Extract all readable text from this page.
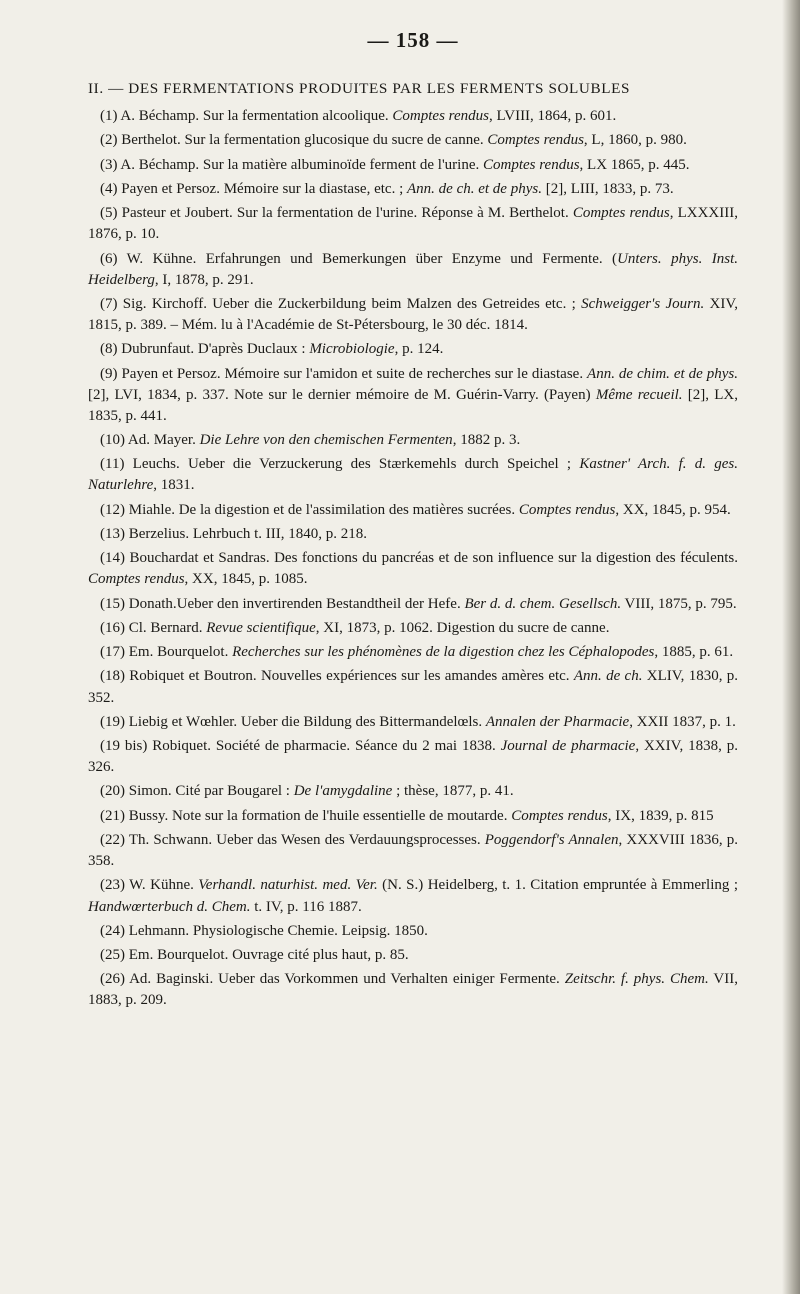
— 158 —
II. — DES FERMENTATIONS PRODUITES PAR LES FERMENTS SOLUBLES
(1) A. Béchamp. Sur la fermentation alcoolique. Comptes rendus, LVIII, 1864, p. 601.
(2) Berthelot. Sur la fermentation glucosique du sucre de canne. Comptes rendus, L, 1860, p. 980.
(3) A. Béchamp. Sur la matière albuminoïde ferment de l'urine. Comptes rendus, LX 1865, p. 445.
(4) Payen et Persoz. Mémoire sur la diastase, etc. ; Ann. de ch. et de phys. [2], LIII, 1833, p. 73.
(5) Pasteur et Joubert. Sur la fermentation de l'urine. Réponse à M. Berthelot. Comptes rendus, LXXXIII, 1876, p. 10.
(6) W. Kühne. Erfahrungen und Bemerkungen über Enzyme und Fermente. (Unters. phys. Inst. Heidelberg, I, 1878, p. 291.
(7) Sig. Kirchoff. Ueber die Zuckerbildung beim Malzen des Getreides etc. ; Schweigger's Journ. XIV, 1815, p. 389. – Mém. lu à l'Académie de St-Pétersbourg, le 30 déc. 1814.
(8) Dubrunfaut. D'après Duclaux : Microbiologie, p. 124.
(9) Payen et Persoz. Mémoire sur l'amidon et suite de recherches sur le diastase. Ann. de chim. et de phys. [2], LVI, 1834, p. 337. Note sur le dernier mémoire de M. Guérin-Varry. (Payen) Même recueil. [2], LX, 1835, p. 441.
(10) Ad. Mayer. Die Lehre von den chemischen Fermenten, 1882 p. 3.
(11) Leuchs. Ueber die Verzuckerung des Stærkemehls durch Speichel ; Kastner' Arch. f. d. ges. Naturlehre, 1831.
(12) Miahle. De la digestion et de l'assimilation des matières sucrées. Comptes rendus, XX, 1845, p. 954.
(13) Berzelius. Lehrbuch t. III, 1840, p. 218.
(14) Bouchardat et Sandras. Des fonctions du pancréas et de son influence sur la digestion des féculents. Comptes rendus, XX, 1845, p. 1085.
(15) Donath.Ueber den invertirenden Bestandtheil der Hefe. Ber d. d. chem. Gesellsch. VIII, 1875, p. 795.
(16) Cl. Bernard. Revue scientifique, XI, 1873, p. 1062. Digestion du sucre de canne.
(17) Em. Bourquelot. Recherches sur les phénomènes de la digestion chez les Céphalopodes, 1885, p. 61.
(18) Robiquet et Boutron. Nouvelles expériences sur les amandes amères etc. Ann. de ch. XLIV, 1830, p. 352.
(19) Liebig et Wœhler. Ueber die Bildung des Bittermandelœls. Annalen der Pharmacie, XXII 1837, p. 1.
(19 bis) Robiquet. Société de pharmacie. Séance du 2 mai 1838. Journal de pharmacie, XXIV, 1838, p. 326.
(20) Simon. Cité par Bougarel : De l'amygdaline ; thèse, 1877, p. 41.
(21) Bussy. Note sur la formation de l'huile essentielle de moutarde. Comptes rendus, IX, 1839, p. 815
(22) Th. Schwann. Ueber das Wesen des Verdauungsprocesses. Poggendorf's Annalen, XXXVIII 1836, p. 358.
(23) W. Kühne. Verhandl. naturhist. med. Ver. (N. S.) Heidelberg, t. 1. Citation empruntée à Emmerling ; Handwœrterbuch d. Chem. t. IV, p. 116 1887.
(24) Lehmann. Physiologische Chemie. Leipsig. 1850.
(25) Em. Bourquelot. Ouvrage cité plus haut, p. 85.
(26) Ad. Baginski. Ueber das Vorkommen und Verhalten einiger Fermente. Zeitschr. f. phys. Chem. VII, 1883, p. 209.
